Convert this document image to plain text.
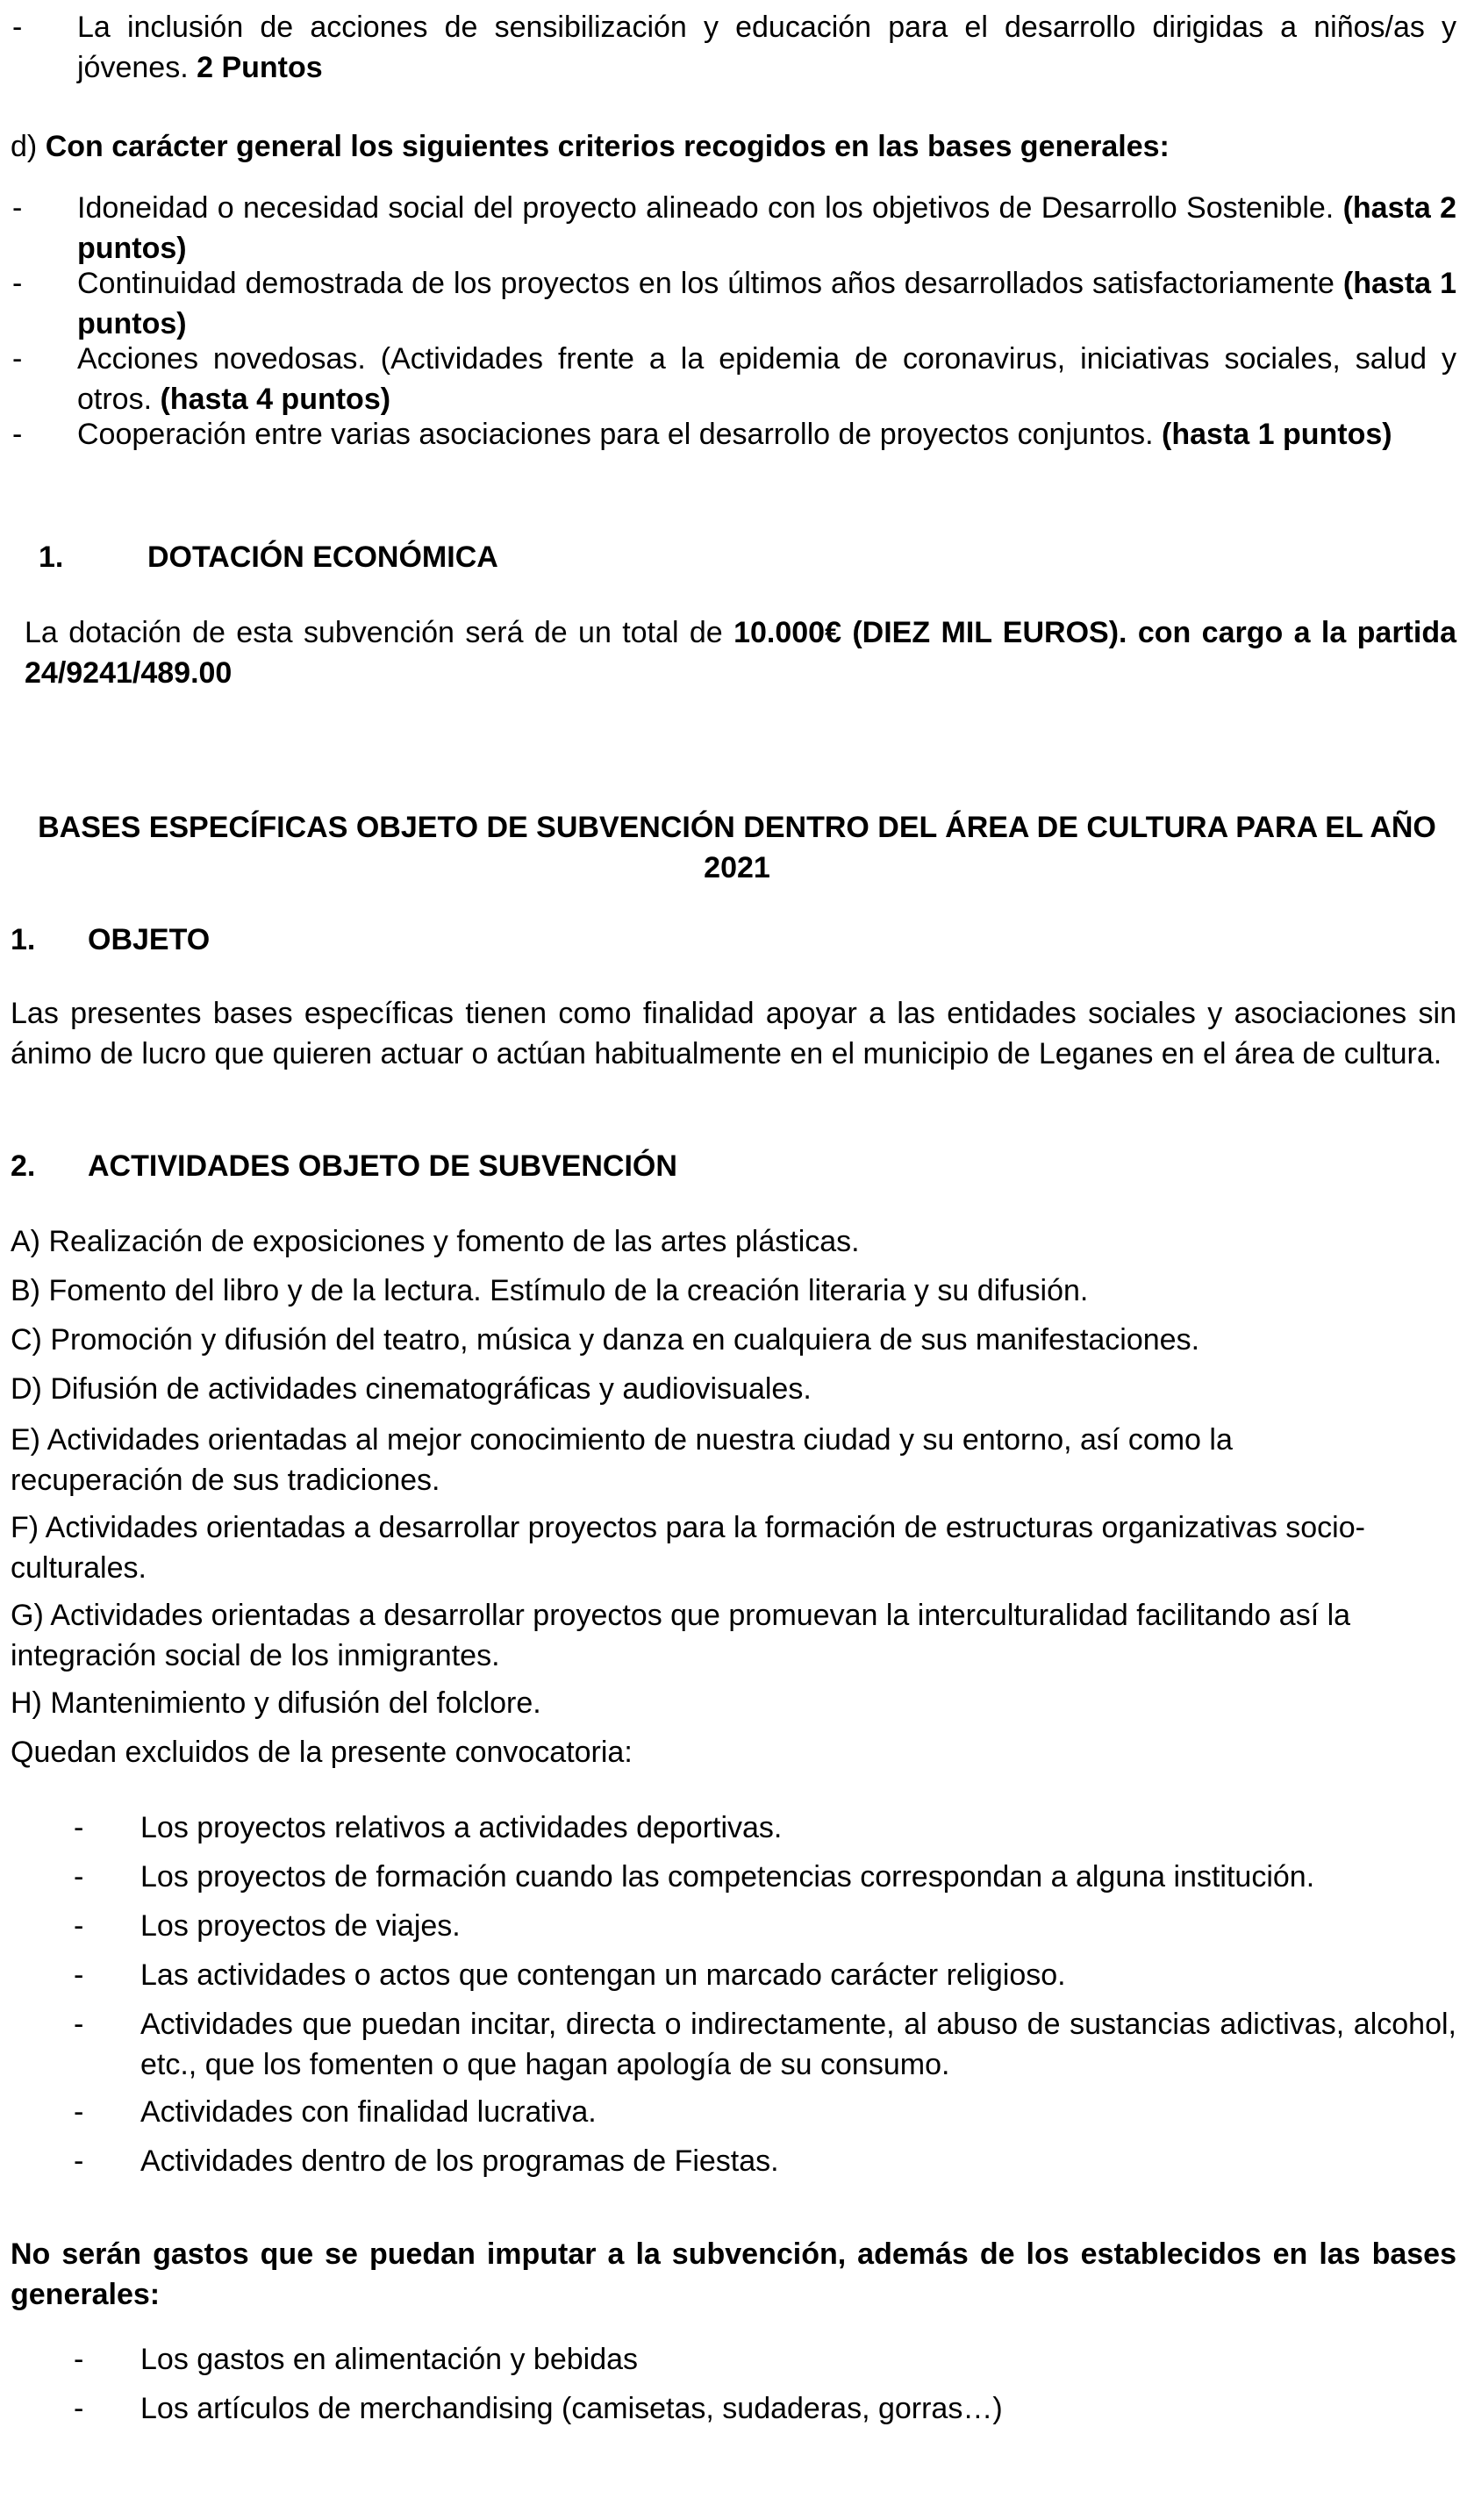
- La inclusión de acciones de sensibilización y educación para el desarrollo dirigidas a niños/as y jóvenes. 2 Puntos
d) Con carácter general los siguientes criterios recogidos en las bases generales:
- Idoneidad o necesidad social del proyecto alineado con los objetivos de Desarrollo Sostenible. (hasta 2 puntos)
- Continuidad demostrada de los proyectos en los últimos años desarrollados satisfactoriamente (hasta 1 puntos)
- Acciones novedosas. (Actividades frente a la epidemia de coronavirus, iniciativas sociales, salud y otros. (hasta 4 puntos)
- Cooperación entre varias asociaciones para el desarrollo de proyectos conjuntos. (hasta 1 puntos)
1.	DOTACIÓN ECONÓMICA
La dotación de esta subvención será de un total de 10.000€ (DIEZ MIL EUROS). con cargo a la partida 24/9241/489.00
BASES ESPECÍFICAS OBJETO DE SUBVENCIÓN DENTRO DEL ÁREA DE CULTURA PARA EL AÑO 2021
1. OBJETO
Las presentes bases específicas tienen como finalidad apoyar a las entidades sociales y asociaciones sin ánimo de lucro que quieren actuar o actúan habitualmente en el municipio de Leganes en el área de cultura.
2. ACTIVIDADES OBJETO DE SUBVENCIÓN
A) Realización de exposiciones y fomento de las artes plásticas.
B) Fomento del libro y de la lectura. Estímulo de la creación literaria y su difusión.
C) Promoción y difusión del teatro, música y danza en cualquiera de sus manifestaciones.
D) Difusión de actividades cinematográficas y audiovisuales.
E) Actividades orientadas al mejor conocimiento de nuestra ciudad y su entorno, así como la recuperación de sus tradiciones.
F) Actividades orientadas a desarrollar proyectos para la formación de estructuras organizativas socio-culturales.
G) Actividades orientadas a desarrollar proyectos que promuevan la interculturalidad facilitando así la integración social de los inmigrantes.
H) Mantenimiento y difusión del folclore.
Quedan excluidos de la presente convocatoria:
- Los proyectos relativos a actividades deportivas.
- Los proyectos de formación cuando las competencias correspondan a alguna institución.
- Los proyectos de viajes.
- Las actividades o actos que contengan un marcado carácter religioso.
- Actividades que puedan incitar, directa o indirectamente, al abuso de sustancias adictivas, alcohol, etc., que los fomenten o que hagan apología de su consumo.
- Actividades con finalidad lucrativa.
- Actividades dentro de los programas de Fiestas.
No serán gastos que se puedan imputar a la subvención, además de los establecidos en las bases generales:
- Los gastos en alimentación y bebidas
- Los artículos de merchandising (camisetas, sudaderas, gorras…)
